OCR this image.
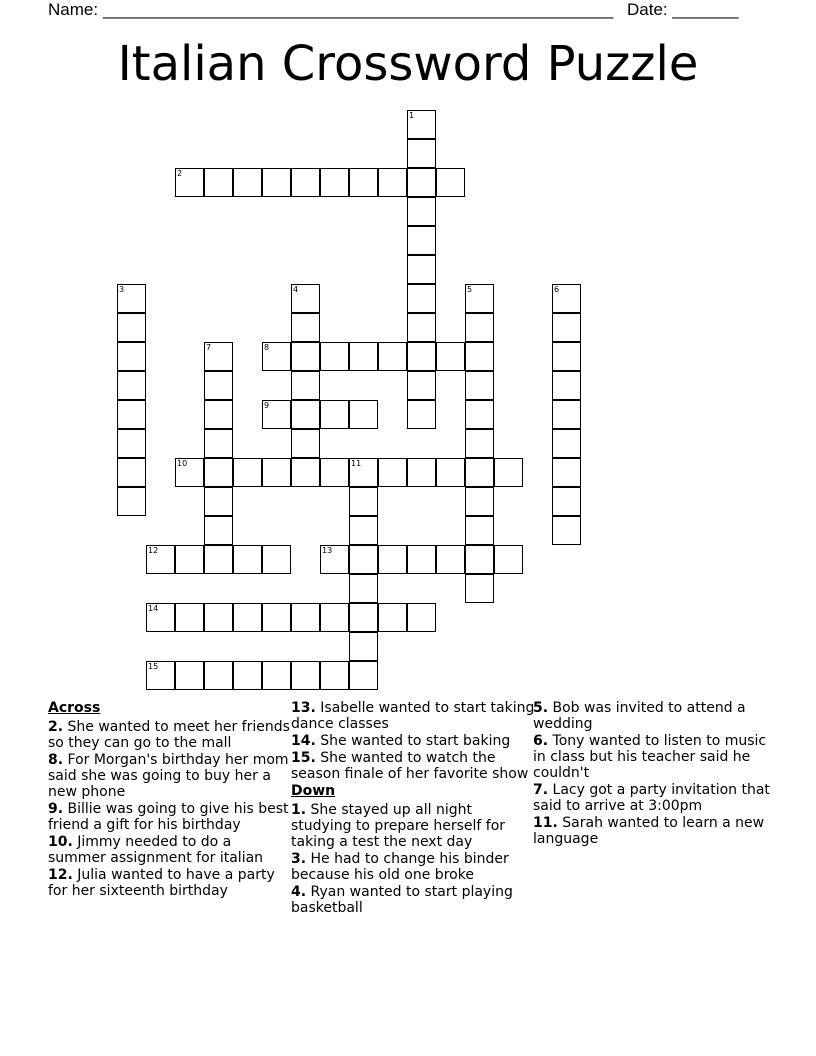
Name: ______________________________________________________ Date: _______
Italian Crossword Puzzle
1
2
3	4	5	6
7	8
9
10	11
12	13
14
15
Across
2. She wanted to meet her friends so they can go to the mall
8. For Morgan's birthday her mom said she was going to buy her a new phone
9. Billie was going to give his best friend a gift for his birthday
10. Jimmy needed to do a summer assignment for italian
12. Julia wanted to have a party for her sixteenth birthday
13. Isabelle wanted to start taking dance classes
14. She wanted to start baking
15. She wanted to watch the season finale of her favorite show
Down
1. She stayed up all night studying to prepare herself for taking a test the next day
3. He had to change his binder because his old one broke
4. Ryan wanted to start playing basketball
5. Bob was invited to attend a wedding
6. Tony wanted to listen to music in class but his teacher said he couldn't
7. Lacy got a party invitation that said to arrive at 3:00pm
11. Sarah wanted to learn a new language
